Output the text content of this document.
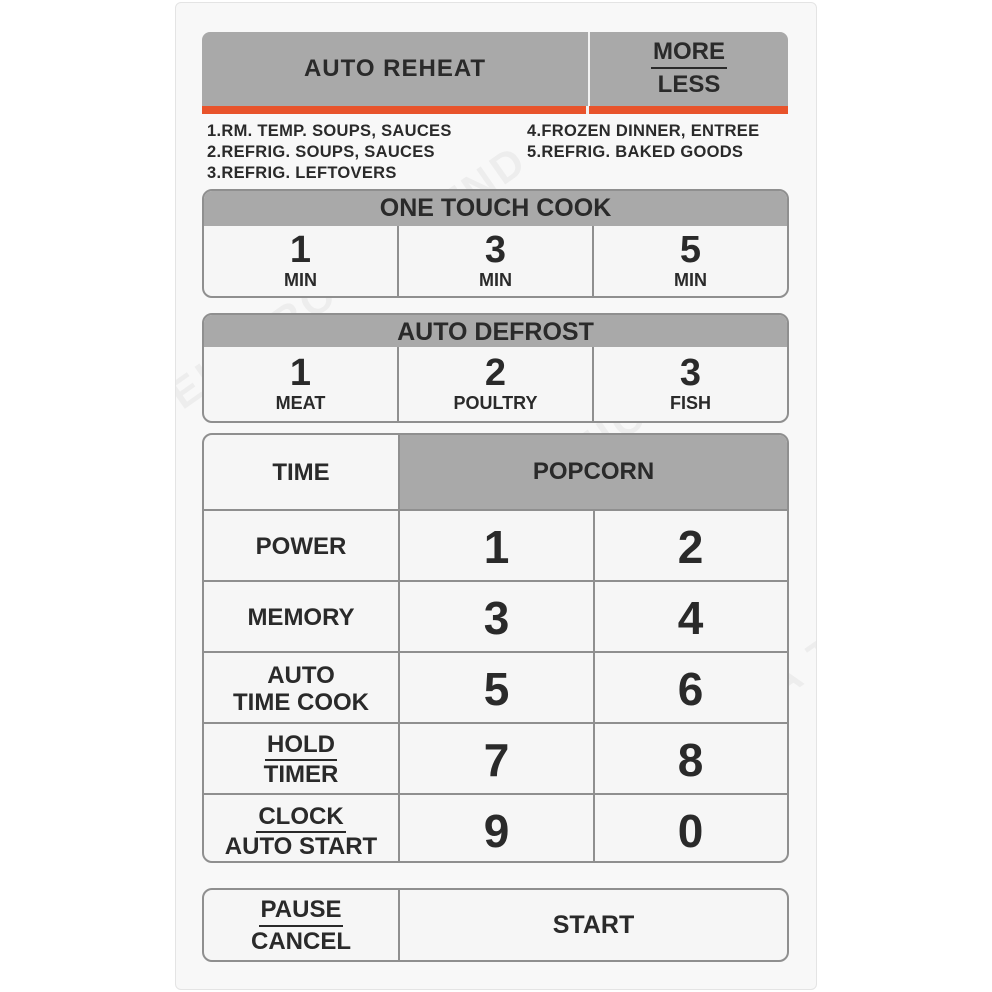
AUTO REHEAT
MORE
LESS
1.RM. TEMP. SOUPS, SAUCES
2.REFRIG. SOUPS, SAUCES
3.REFRIG. LEFTOVERS
4.FROZEN DINNER, ENTREE
5.REFRIG. BAKED GOODS
ONE TOUCH COOK
1
MIN
3
MIN
5
MIN
AUTO DEFROST
1
MEAT
2
POULTRY
3
FISH
TIME	POPCORN
POWER	1	2
MEMORY	3	4
AUTO
TIME COOK	5	6
HOLD
TIMER	7	8
CLOCK
AUTO START	9	0
PAUSE
CANCEL
START
